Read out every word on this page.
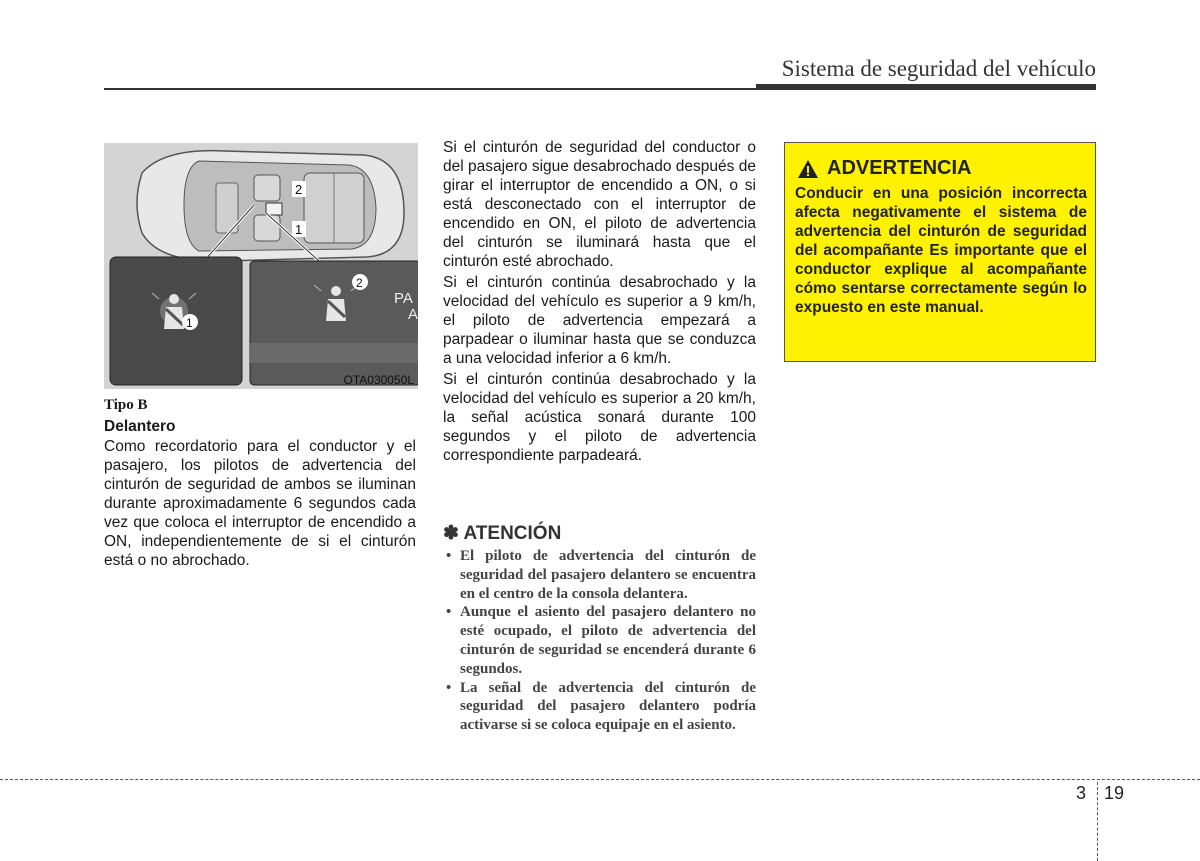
Sistema de seguridad del vehículo
2
1
1
2
PA
A
OTA030050L
Tipo B
Delantero
Como recordatorio para el conductor y el pasajero, los pilotos de advertencia del cinturón de seguridad de ambos se iluminan durante aproximadamente 6 segundos cada vez que coloca el interruptor de encendido a ON, independientemente de si el cinturón está o no abrochado.

Si el cinturón de seguridad del conductor o del pasajero sigue desabrochado después de girar el interruptor de encendido a ON, o si está desconectado con el interruptor de encendido en ON, el piloto de advertencia del cinturón se iluminará hasta que el cinturón esté abrochado.

Si el cinturón continúa desabrochado y la velocidad del vehículo es superior a 9 km/h, el piloto de advertencia empezará a parpadear o iluminar hasta que se conduzca a una velocidad inferior a 6 km/h.

Si el cinturón continúa desabrochado y la velocidad del vehículo es superior a 20 km/h, la señal acústica sonará durante 100 segundos y el piloto de advertencia correspondiente parpadeará.

✽ ATENCIÓN
• El piloto de advertencia del cinturón de seguridad del pasajero delantero se encuentra en el centro de la consola delantera.
• Aunque el asiento del pasajero delantero no esté ocupado, el piloto de advertencia del cinturón de seguridad se encenderá durante 6 segundos.
• La señal de advertencia del cinturón de seguridad del pasajero delantero podría activarse si se coloca equipaje en el asiento.
ADVERTENCIA

Conducir en una posición incorrecta afecta negativamente el sistema de advertencia del cinturón de seguridad del acompañante Es importante que el conductor explique al acompañante cómo sentarse correctamente según lo expuesto en este manual.

3 19
